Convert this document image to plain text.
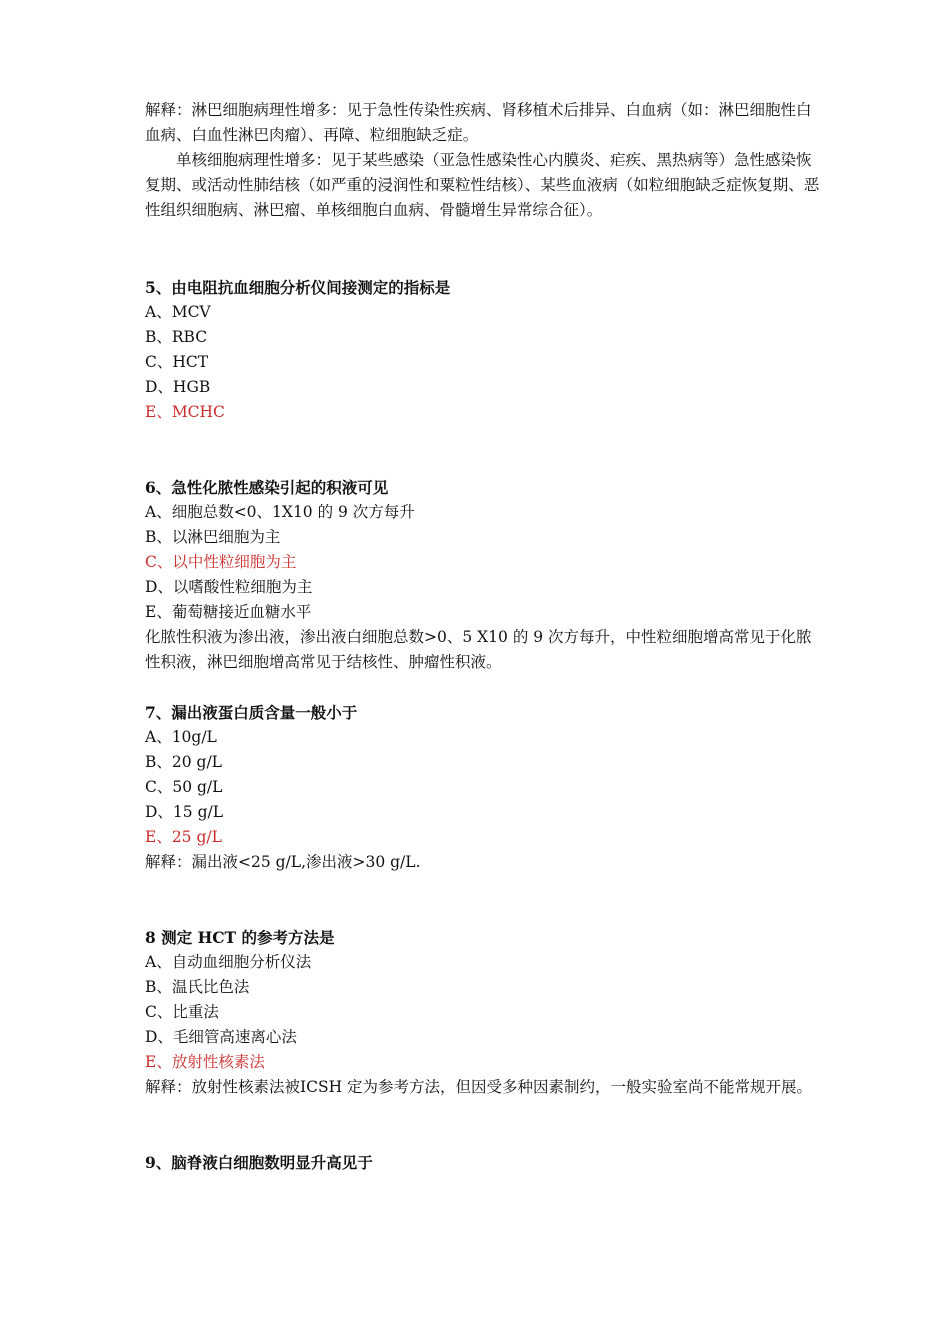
解释：淋巴细胞病理性增多：见于急性传染性疾病、肾移植术后排异、白血病（如：淋巴细胞性白血病、白血性淋巴肉瘤）、再障、粒细胞缺乏症。
单核细胞病理性增多：见于某些感染（亚急性感染性心内膜炎、疟疾、黑热病等）急性感染恢复期、或活动性肺结核（如严重的浸润性和粟粒性结核）、某些血液病（如粒细胞缺乏症恢复期、恶性组织细胞病、淋巴瘤、单核细胞白血病、骨髓增生异常综合征）。
5、由电阻抗血细胞分析仪间接测定的指标是
A、MCV
B、RBC
C、HCT
D、HGB
E、MCHC
6、急性化脓性感染引起的积液可见
A、细胞总数<0、1X10 的 9 次方每升
B、以淋巴细胞为主
C、以中性粒细胞为主
D、以嗜酸性粒细胞为主
E、葡萄糖接近血糖水平
化脓性积液为渗出液，渗出液白细胞总数>0、5 X10 的 9 次方每升，中性粒细胞增高常见于化脓性积液，淋巴细胞增高常见于结核性、肿瘤性积液。
7、漏出液蛋白质含量一般小于
A、10g/L
B、20 g/L
C、50 g/L
D、15 g/L
E、25 g/L
解释：漏出液<25 g/L,渗出液>30 g/L.
8 测定 HCT 的参考方法是
A、自动血细胞分析仪法
B、温氏比色法
C、比重法
D、毛细管高速离心法
E、放射性核素法
解释：放射性核素法被ICSH 定为参考方法，但因受多种因素制约，一般实验室尚不能常规开展。
9、脑脊液白细胞数明显升高见于
